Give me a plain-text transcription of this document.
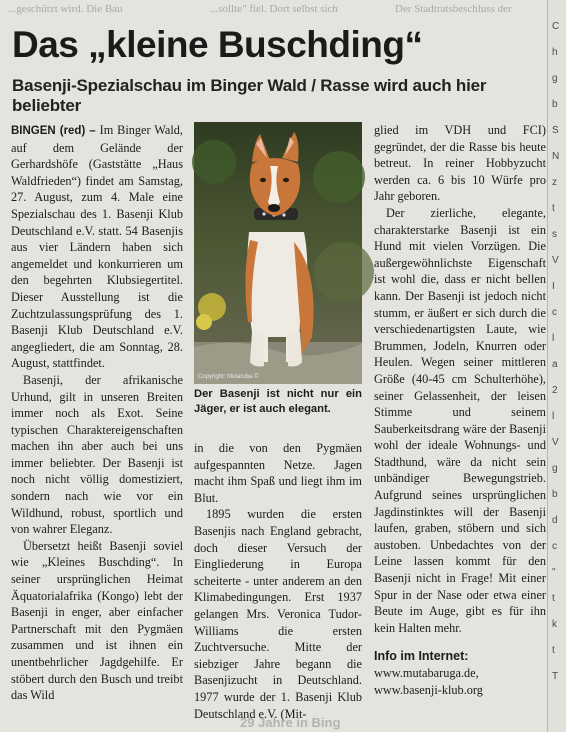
...geschützt wird. Die Bau	...sollte" fiel. Dort selbst sich	Der Stadtratsbeschluss der
C
h
g
b
S
N
z
t
s
V
I
c
l
a
2
l
V
g
b
d
c
"
t
k
t
T
Das „kleine Buschding“
Basenji-Spezialschau im Binger Wald / Rasse wird auch hier beliebter

BINGEN (red) – Im Binger Wald, auf dem Gelände der Gerhardshöfe (Gaststätte „Haus Waldfrieden“) findet am Samstag, 27. August, zum 4. Male eine Spezialschau des 1. Basenji Klub Deutschland e.V. statt. 54 Basenjis aus vier Ländern haben sich angemeldet und konkurrieren um den begehrten Klubsiegertitel. Dieser Ausstellung ist die Zuchtzulassungsprüfung des 1. Basenji Klub Deutschland e.V. angegliedert, die am Sonntag, 28. August, stattfindet.

Basenji, der afrikanische Urhund, gilt in unseren Breiten immer noch als Exot. Seine typischen Charaktereigenschaften machen ihn aber auch bei uns immer beliebter. Der Basenji ist noch nicht völlig domestiziert, sondern nach wie vor ein Wildhund, robust, sportlich und von wahrer Eleganz.

Übersetzt heißt Basenji soviel wie „Kleines Buschding“. In seiner ursprünglichen Heimat Äquatorialafrika (Kongo) lebt der Basenji in enger, aber einfacher Partnerschaft mit den Pygmäen zusammen und ist ihnen ein unentbehrlicher Jagdgehilfe. Er stöbert durch den Busch und treibt das Wild

Copyright: Mutaruba ©
Der Basenji ist nicht nur ein Jäger, er ist auch elegant.

in die von den Pygmäen aufgespannten Netze. Jagen macht ihm Spaß und liegt ihm im Blut.

1895 wurden die ersten Basenjis nach England gebracht, doch dieser Versuch der Eingliederung in Europa scheiterte - unter anderem an den Klimabedingungen. Erst 1937 gelangen Mrs. Veronica Tudor-Williams die ersten Zuchtversuche. Mitte der siebziger Jahre begann die Basenjizucht in Deutschland. 1977 wurde der 1. Basenji Klub Deutschland e.V. (Mit-

glied im VDH und FCI) gegründet, der die Rasse bis heute betreut. In reiner Hobbyzucht werden ca. 6 bis 10 Würfe pro Jahr geboren.

Der zierliche, elegante, charakterstarke Basenji ist ein Hund mit vielen Vorzügen. Die außergewöhnlichste Eigenschaft ist wohl die, dass er nicht bellen kann. Der Basenji ist jedoch nicht stumm, er äußert er sich durch die verschiedenartigsten Laute, wie Brummen, Jodeln, Knurren oder Heulen. Wegen seiner mittleren Größe (40-45 cm Schulterhöhe), seiner Gelassenheit, der leisen Stimme und seinem Sauberkeitsdrang wäre der Basenji wohl der ideale Wohnungs- und Stadthund, wäre da nicht sein unbändiger Bewegungstrieb. Aufgrund seines ursprünglichen Jagdinstinktes will der Basenji laufen, graben, stöbern und sich austoben. Unbedachtes von der Leine lassen kommt für den Basenji nicht in Frage! Mit einer Spur in der Nase oder etwa einer Beute im Auge, gibt es für ihn kein Halten mehr.

Info im Internet:

www.mutabaruga.de,

www.basenji-klub.org

29 Jahre in Bing
